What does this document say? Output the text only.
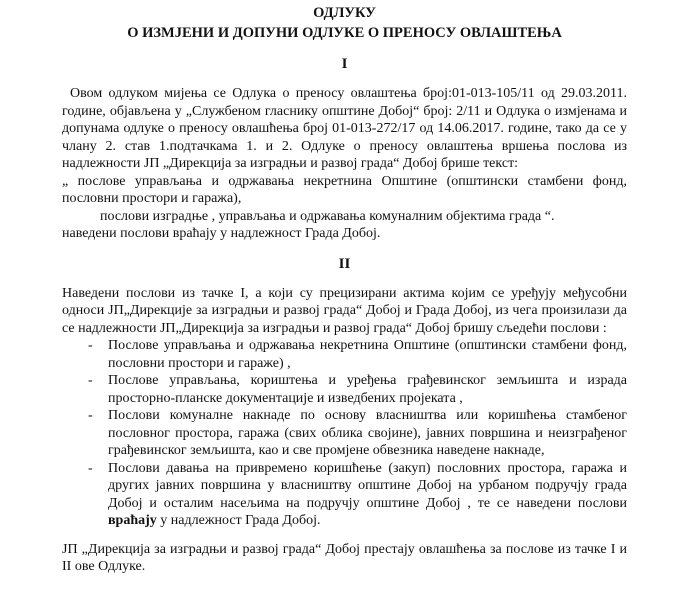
ОДЛУКУ

О ИЗМЈЕНИ И ДОПУНИ ОДЛУКЕ О ПРЕНОСУ ОВЛАШТЕЊА

I

Овом одлуком мијења се Одлука о преносу овлаштења број:01-013-105/11 од 29.03.2011. године, објављена у „Службеном гласнику општине Добој“ број: 2/11 и Одлука о измјенама и допунама одлуке о преносу овлашћења број 01-013-272/17 од 14.06.2017. године, тако да се у члану 2. став 1.подтачкама 1. и 2. Одлуке о преносу овлаштења вршења послова из надлежности ЈП „Дирекција за изградњи и развој града“ Добој брише текст:

„ послове управљања и одржавања некретнина Општине (општински стамбени фонд, пословни простори и гаража),

послови изградње , управљања и одржавања комуналним објектима града “.

наведени послови враћају у надлежност Града Добој.

II

Наведени послови из тачке I, а који су прецизирани актима којим се уређују међусобни односи ЈП„Дирекције за изградњи и развој града“ Добој и Града Добој, из чега произилази да се надлежности ЈП„Дирекција за изградњи и развој града“ Добој бришу сљедећи послови :

- Послове управљања и одржавања некретнина Општине (општински стамбени фонд, пословни простори и гараже) ,
- Послове управљања, кориштења и уређења грађевинског земљишта и израда просторно-планске документације и изведбених пројеката ,
- Послови комуналне накнаде по основу власништва или коришћења стамбеног пословног простора, гаража (свих облика својине), јавних површина и неизграђеног грађевинског земљишта, као и све промјене обвезника наведене накнаде,
- Послови давања на привремено коришћење (закуп) пословних простора, гаража и других јавних површина у власништву општине Добој на урбаном подручју града Добој и осталим насељима на подручју општине Добој , те се наведени послови враћају у надлежност Града Добој.

ЈП „Дирекција за изградњи и развој града“ Добој престају овлашћења за послове из тачке I и II ове Одлуке.
